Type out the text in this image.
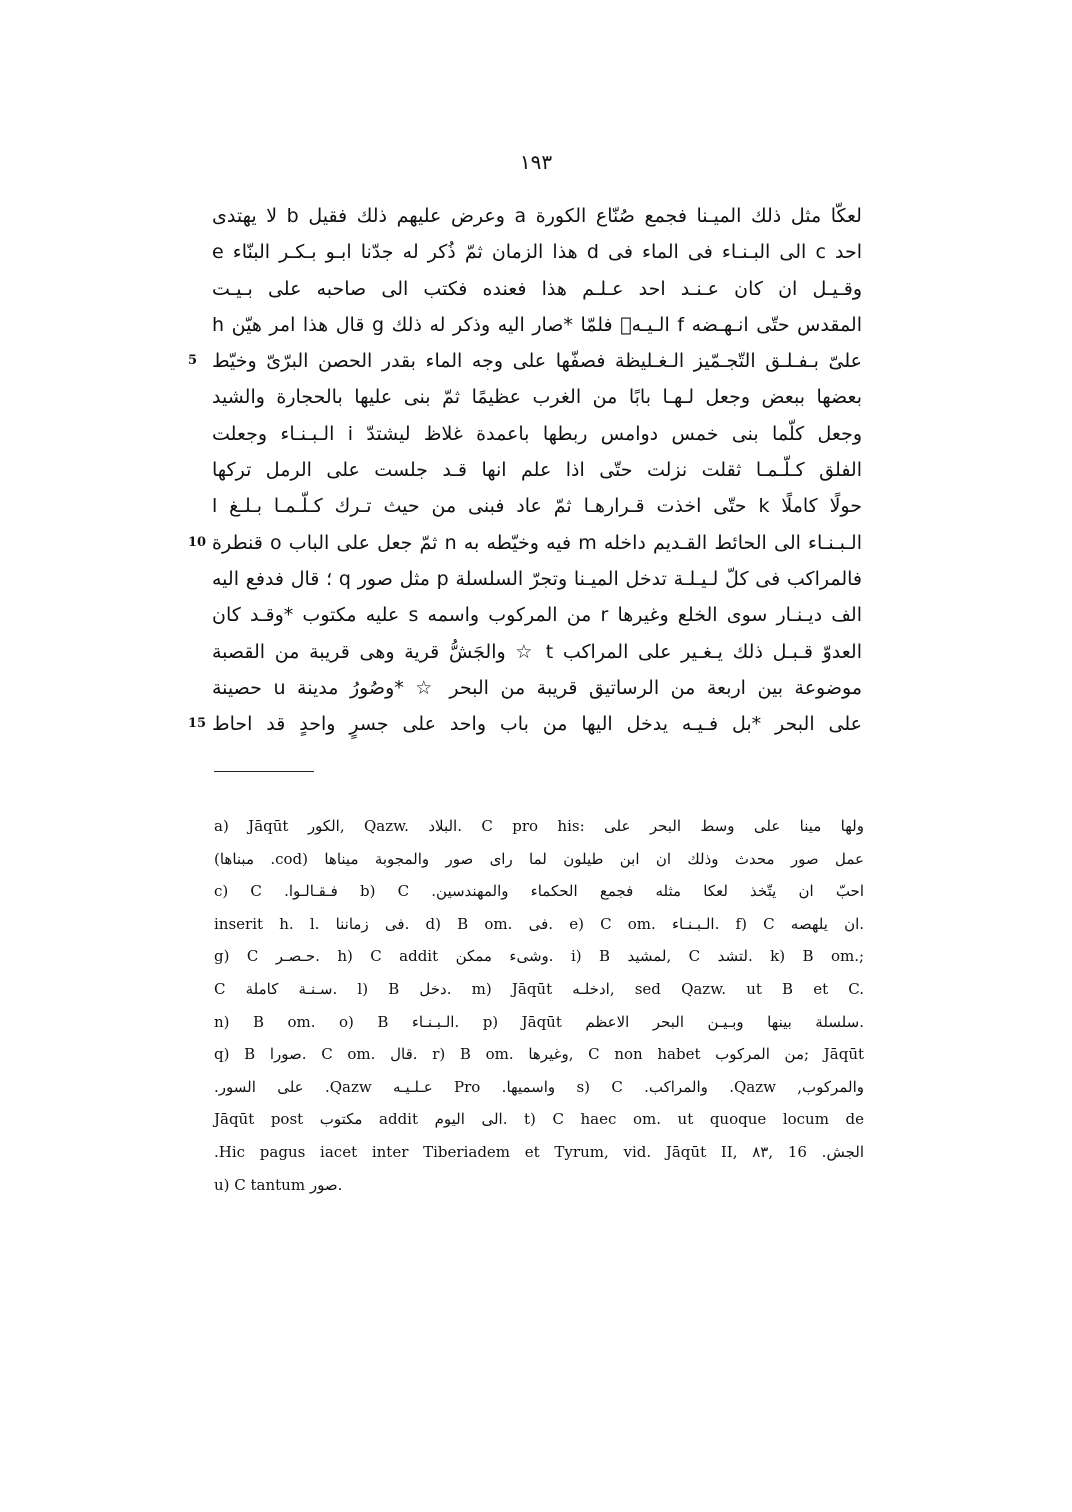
۱۹۳
لعكّا مثل ذلك الميـنا فجمع صُنّاع الكورة a وعرض عليهم ذلك فقيل b لا يهتدى
احد c الى البـنـاء فى الماء فى d هذا الزمان ثمّ ذُكر له جدّنا ابـو بـكـر البنّاء e
وقـيـل ان كان عـنـد احد عـلـم هذا فعنده فكتب الى صاحبه على بـيـت
المقدس حتّى انـهـضه f الـيـهٖ فلمّا *صار اليه وذكر له ذلك g قال هذا امر هيّن h
علىّ بـفـلـق التّجـمّيز الـغـليظة فصفّها على وجه الماء بقدر الحصن البرّىّ وخيّط
5
بعضها ببعض وجعل لـهـا بابًا من الغرب عظيمًا ثمّ بنى عليها بالحجارة والشيد
وجعل كلّما بنى خمس دوامس ربطها باعمدة غلاظ ليشتدّ i الـبـنـاء وجعلت
الفلق كـلّـمـا ثقلت نزلت حتّى اذا علم انها قـد جلست على الرمل تركها
حولًا كاملًا k حتّى اخذت قـرارهـا ثمّ عاد فبنى من حيث تـرك كـلّـمـا بـلـغ l
الـبـنـاء الى الحائط القـديم داخله m فيه وخيّطه به n ثمّ جعل على الباب o قنطرة
10
فالمراكب فى كلّ لـيـلـة تدخل الميـنا وتجرّ السلسلة p مثل صور q ؛ قال فدفع اليه
الف ديـنـار سوى الخلع وغيرها r من المركوب واسمه s عليه مكتوب *وقـد كان
العدوّ قـبـل ذلك يـغـير على المراكب t ☆ والجَشُّ قرية وهى قريبة من القصبة
موضوعة بين اربعة من الرساتيق قريبة من البحر ☆ *وصُورُ مدينة u حصينة
على البحر *بل فـيـه يدخل اليها من باب واحد على جسرٍ واحدٍ قد احاط
15
a) Jāqūt الكور, Qazw. البلاد. C pro his: ولها مينا على وسط البحر على
عمل صور محدث وذلك ان ابن طيلون لما راى صور والمجوبة ميناها (cod. مبناها)
احبّ ان يتّخذ لعكا مثله فجمع الحكماء والمهندسين. b) C فـقـالـوا. c) C
inserit h. l. فى زماننا. d) B om. فى. e) C om. الـبـنـاء. f) C ان يلهصه.
g) C حـصـر. h) C addit وشىء ممكن. i) B لمشيد, C لتشد. k) B om.;
C سـنـة كاملة. l) B دخل. m) Jāqūt ادخلـه, sed Qazw. ut B et C.
n) B om. o) B الـبـنـاء. p) Jāqūt سلسلة بينها وبـيـن البحر الاعظم.
q) B صورا. C om. قال. r) B om. وغيرها, C non habet من المركوب; Jāqūt
والمركوب, Qazw. والمراكب. s) C واسميها. Pro عـلـيـه Qazw. على السور.
Jāqūt post مكتوب addit الى اليوم. t) C haec om. ut quoque locum de
الجش. Hic pagus iacet inter Tiberiadem et Tyrum, vid. Jāqūt II, ۸۳, 16.
u) C tantum صور.
